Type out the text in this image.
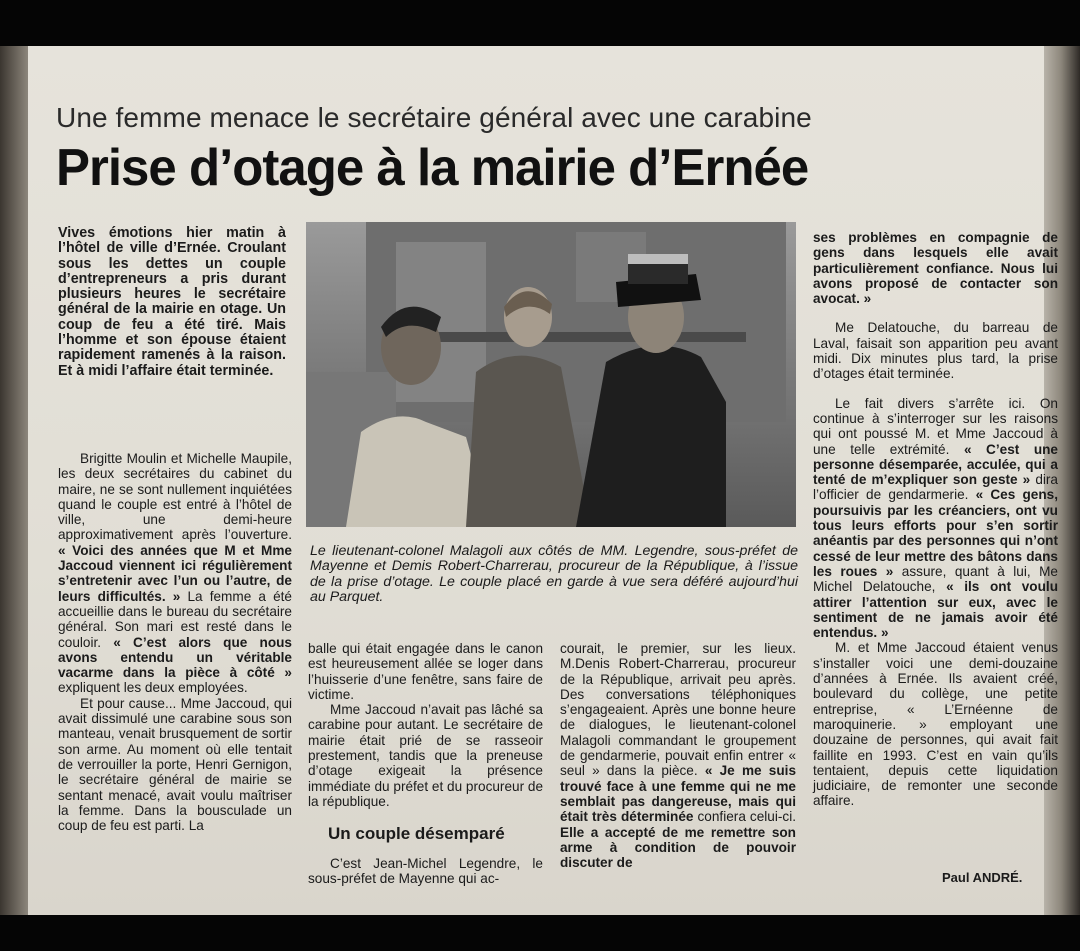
Une femme menace le secrétaire général avec une carabine
Prise d’otage à la mairie d’Ernée
Vives émotions hier matin à l’hôtel de ville d’Ernée. Croulant sous les dettes un couple d’entrepreneurs a pris durant plusieurs heures le secrétaire général de la mairie en otage. Un coup de feu a été tiré. Mais l’homme et son épouse étaient rapidement ramenés à la raison. Et à midi l’affaire était terminée.

Brigitte Moulin et Michelle Maupile, les deux secrétaires du cabinet du maire, ne se sont nullement inquiétées quand le couple est entré à l’hôtel de ville, une demi-heure approximativement après l’ouverture. « Voici des années que M et Mme Jaccoud viennent ici régulièrement s’entretenir avec l’un ou l’autre, de leurs difficultés. » La femme a été accueillie dans le bureau du secrétaire général. Son mari est resté dans le couloir. « C’est alors que nous avons entendu un véritable vacarme dans la pièce à côté » expliquent les deux employées.

Et pour cause... Mme Jaccoud, qui avait dissimulé une carabine sous son manteau, venait brusquement de sortir son arme. Au moment où elle tentait de verrouiller la porte, Henri Gernigon, le secrétaire général de mairie se sentant menacé, avait voulu maîtriser la femme. Dans la bousculade un coup de feu est parti. La

Le lieutenant-colonel Malagoli aux côtés de MM. Legendre, sous-préfet de Mayenne et Demis Robert-Charrerau, procureur de la République, à l’issue de la prise d’otage. Le couple placé en garde à vue sera déféré aujourd’hui au Parquet.

balle qui était engagée dans le canon est heureusement allée se loger dans l’huisserie d’une fenêtre, sans faire de victime.

Mme Jaccoud n’avait pas lâché sa carabine pour autant. Le secrétaire de mairie était prié de se rasseoir prestement, tandis que la preneuse d’otage exigeait la présence immédiate du préfet et du procureur de la république.

Un couple désemparé

C’est Jean-Michel Legendre, le sous-préfet de Mayenne qui ac-

courait, le premier, sur les lieux. M.Denis Robert-Charrerau, procureur de la République, arrivait peu après. Des conversations téléphoniques s’engageaient. Après une bonne heure de dialogues, le lieutenant-colonel Malagoli commandant le groupement de gendarmerie, pouvait enfin entrer « seul » dans la pièce. « Je me suis trouvé face à une femme qui ne me semblait pas dangereuse, mais qui était très déterminée confiera celui-ci. Elle a accepté de me remettre son arme à condition de pouvoir discuter de

ses problèmes en compagnie de gens dans lesquels elle avait particulièrement confiance. Nous lui avons proposé de contacter son avocat. »

Me Delatouche, du barreau de Laval, faisait son apparition peu avant midi. Dix minutes plus tard, la prise d’otages était terminée.

Le fait divers s’arrête ici. On continue à s’interroger sur les raisons qui ont poussé M. et Mme Jaccoud à une telle extrémité. « C’est une personne désemparée, acculée, qui a tenté de m’expliquer son geste » dira l’officier de gendarmerie. « Ces gens, poursuivis par les créanciers, ont vu tous leurs efforts pour s’en sortir anéantis par des personnes qui n’ont cessé de leur mettre des bâtons dans les roues » assure, quant à lui, Me Michel Delatouche, « ils ont voulu attirer l’attention sur eux, avec le sentiment de ne jamais avoir été entendus. »

M. et Mme Jaccoud étaient venus s’installer voici une demi-douzaine d’années à Ernée. Ils avaient créé, boulevard du collège, une petite entreprise, « L’Ernéenne de maroquinerie. » employant une douzaine de personnes, qui avait fait faillite en 1993. C’est en vain qu’ils tentaient, depuis cette liquidation judiciaire, de remonter une seconde affaire.

Paul ANDRÉ.
